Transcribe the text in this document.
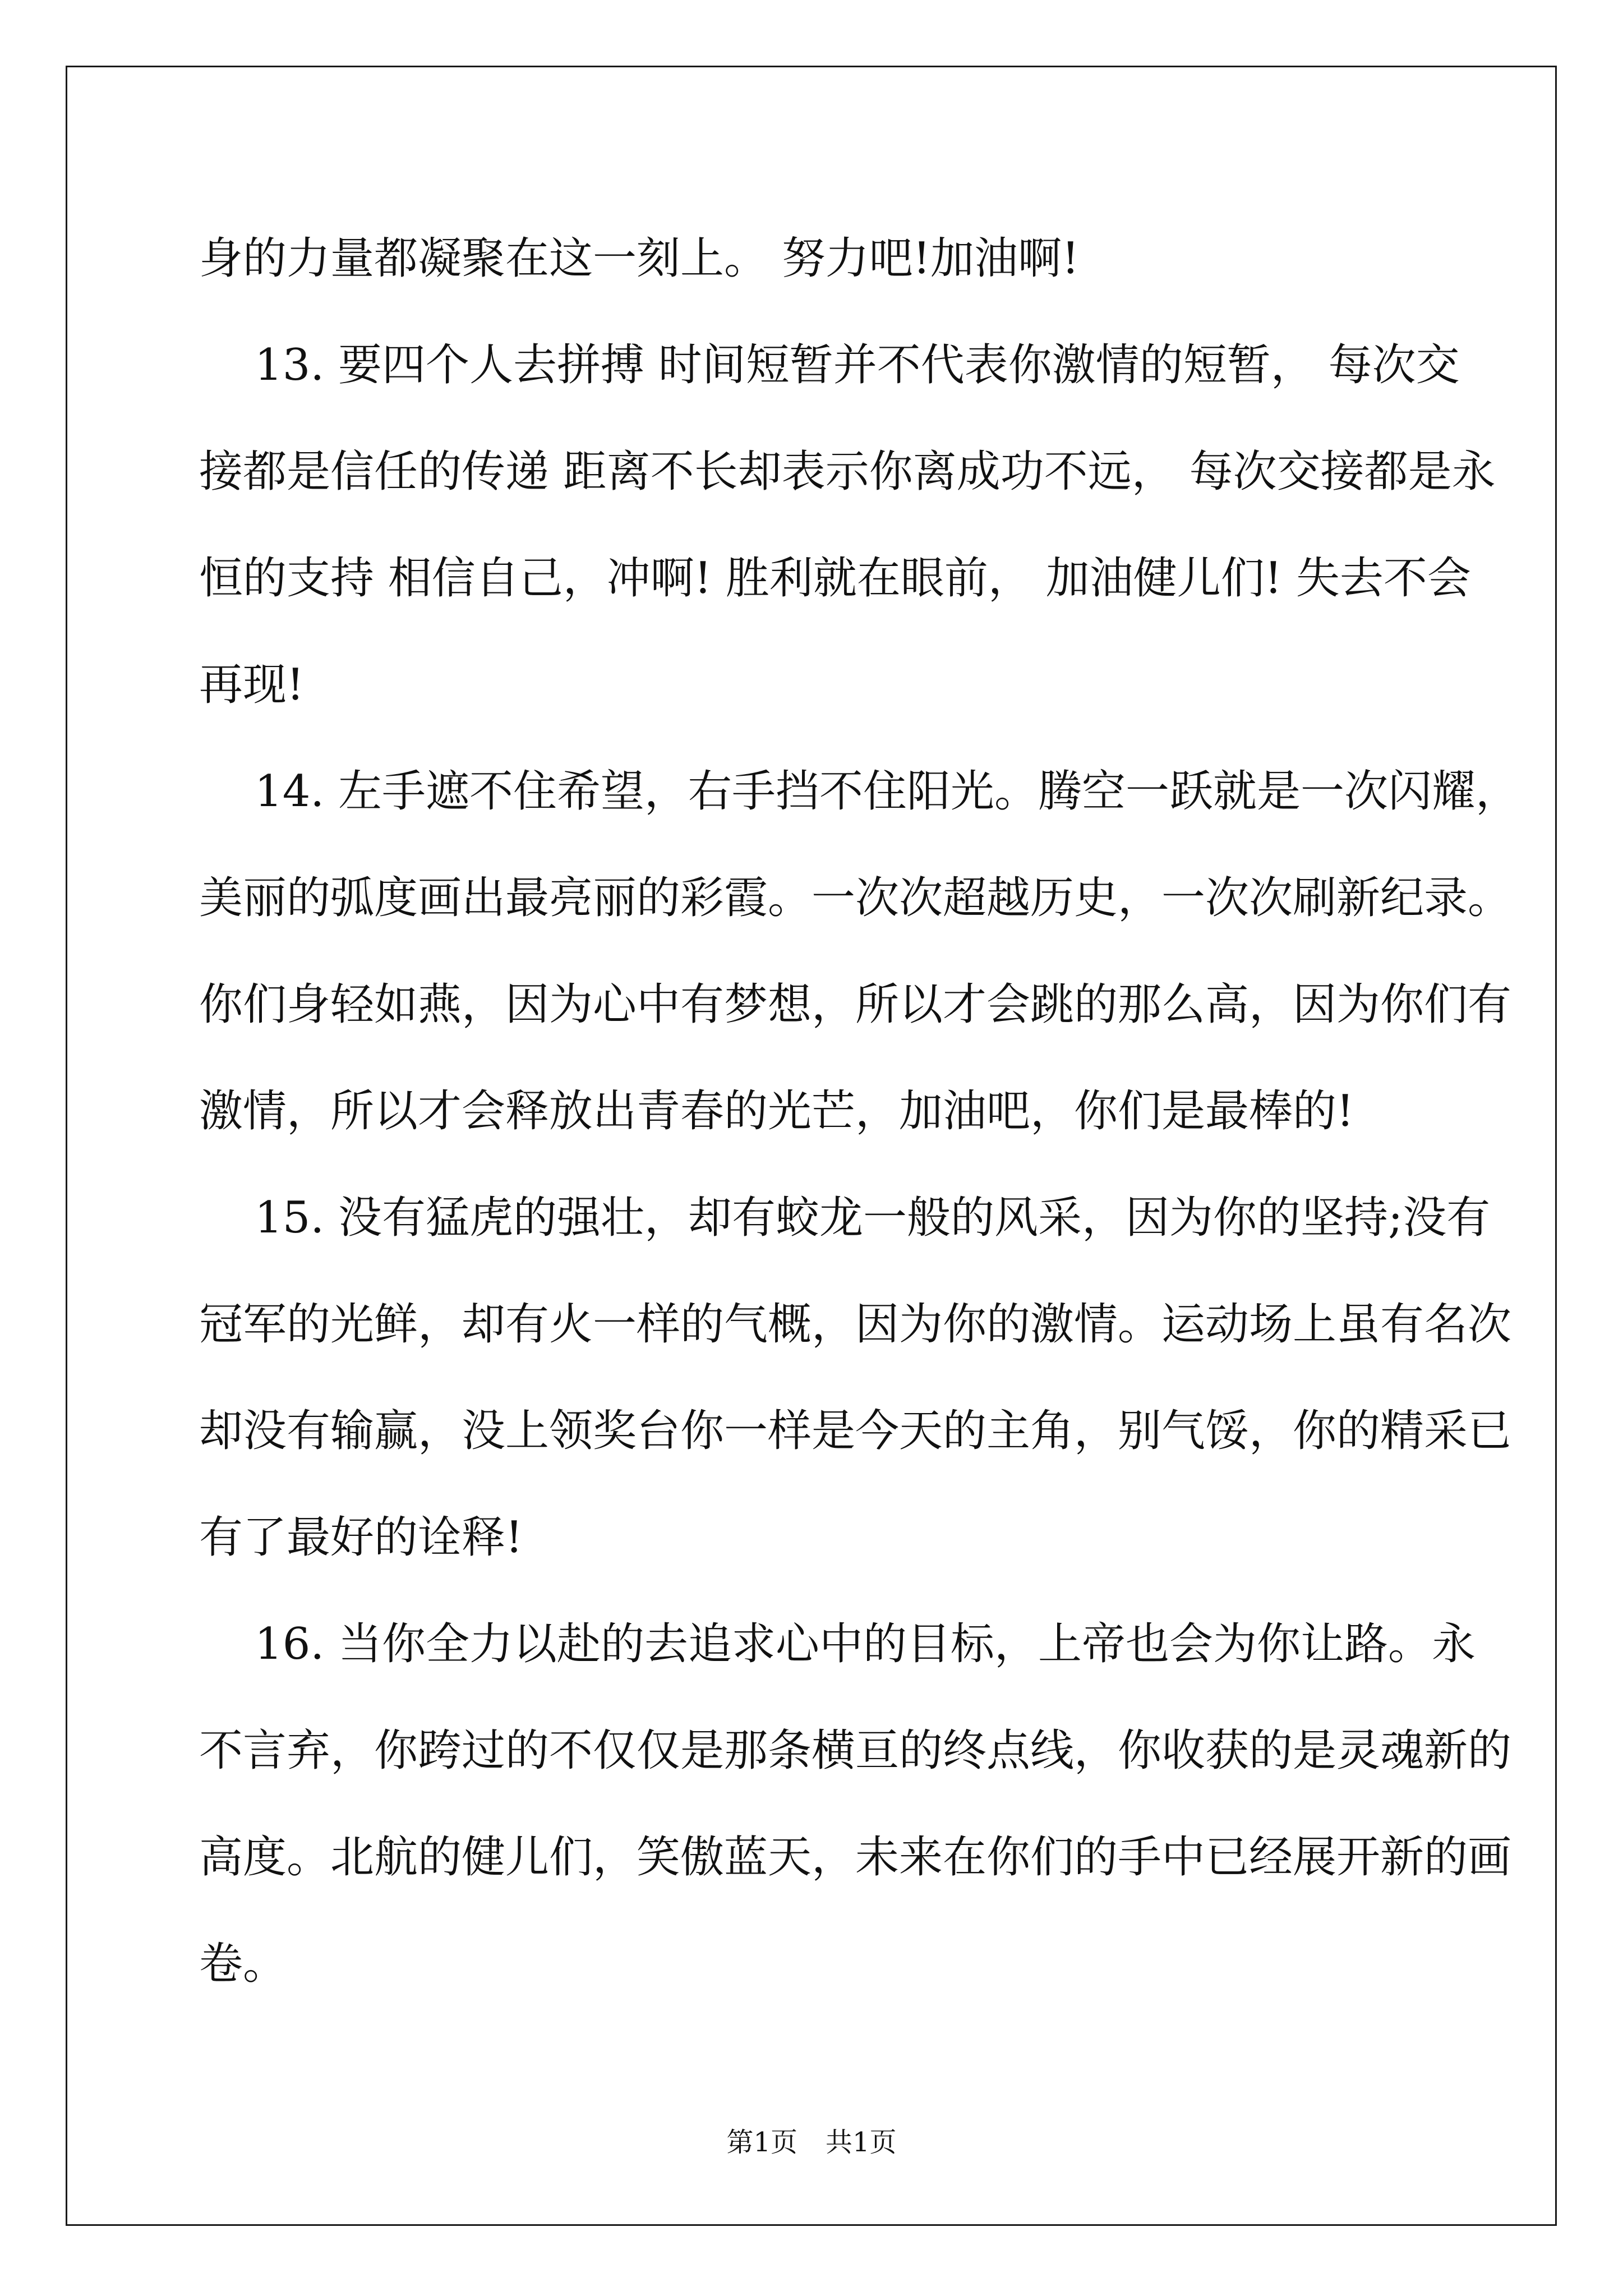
身的力量都凝聚在这一刻上。 努力吧!加油啊!
13. 要四个人去拼搏 时间短暂并不代表你激情的短暂， 每次交
接都是信任的传递 距离不长却表示你离成功不远， 每次交接都是永
恒的支持 相信自己，冲啊! 胜利就在眼前， 加油健儿们! 失去不会
再现!
14. 左手遮不住希望，右手挡不住阳光。腾空一跃就是一次闪耀，
美丽的弧度画出最亮丽的彩霞。一次次超越历史，一次次刷新纪录。
你们身轻如燕，因为心中有梦想，所以才会跳的那么高，因为你们有
激情，所以才会释放出青春的光芒，加油吧，你们是最棒的!
15. 没有猛虎的强壮，却有蛟龙一般的风采，因为你的坚持;没有
冠军的光鲜，却有火一样的气概，因为你的激情。运动场上虽有名次
却没有输赢，没上领奖台你一样是今天的主角，别气馁，你的精采已
有了最好的诠释!
16. 当你全力以赴的去追求心中的目标，上帝也会为你让路。永
不言弃，你跨过的不仅仅是那条横亘的终点线，你收获的是灵魂新的
高度。北航的健儿们，笑傲蓝天，未来在你们的手中已经展开新的画
卷。
第1页 共1页
